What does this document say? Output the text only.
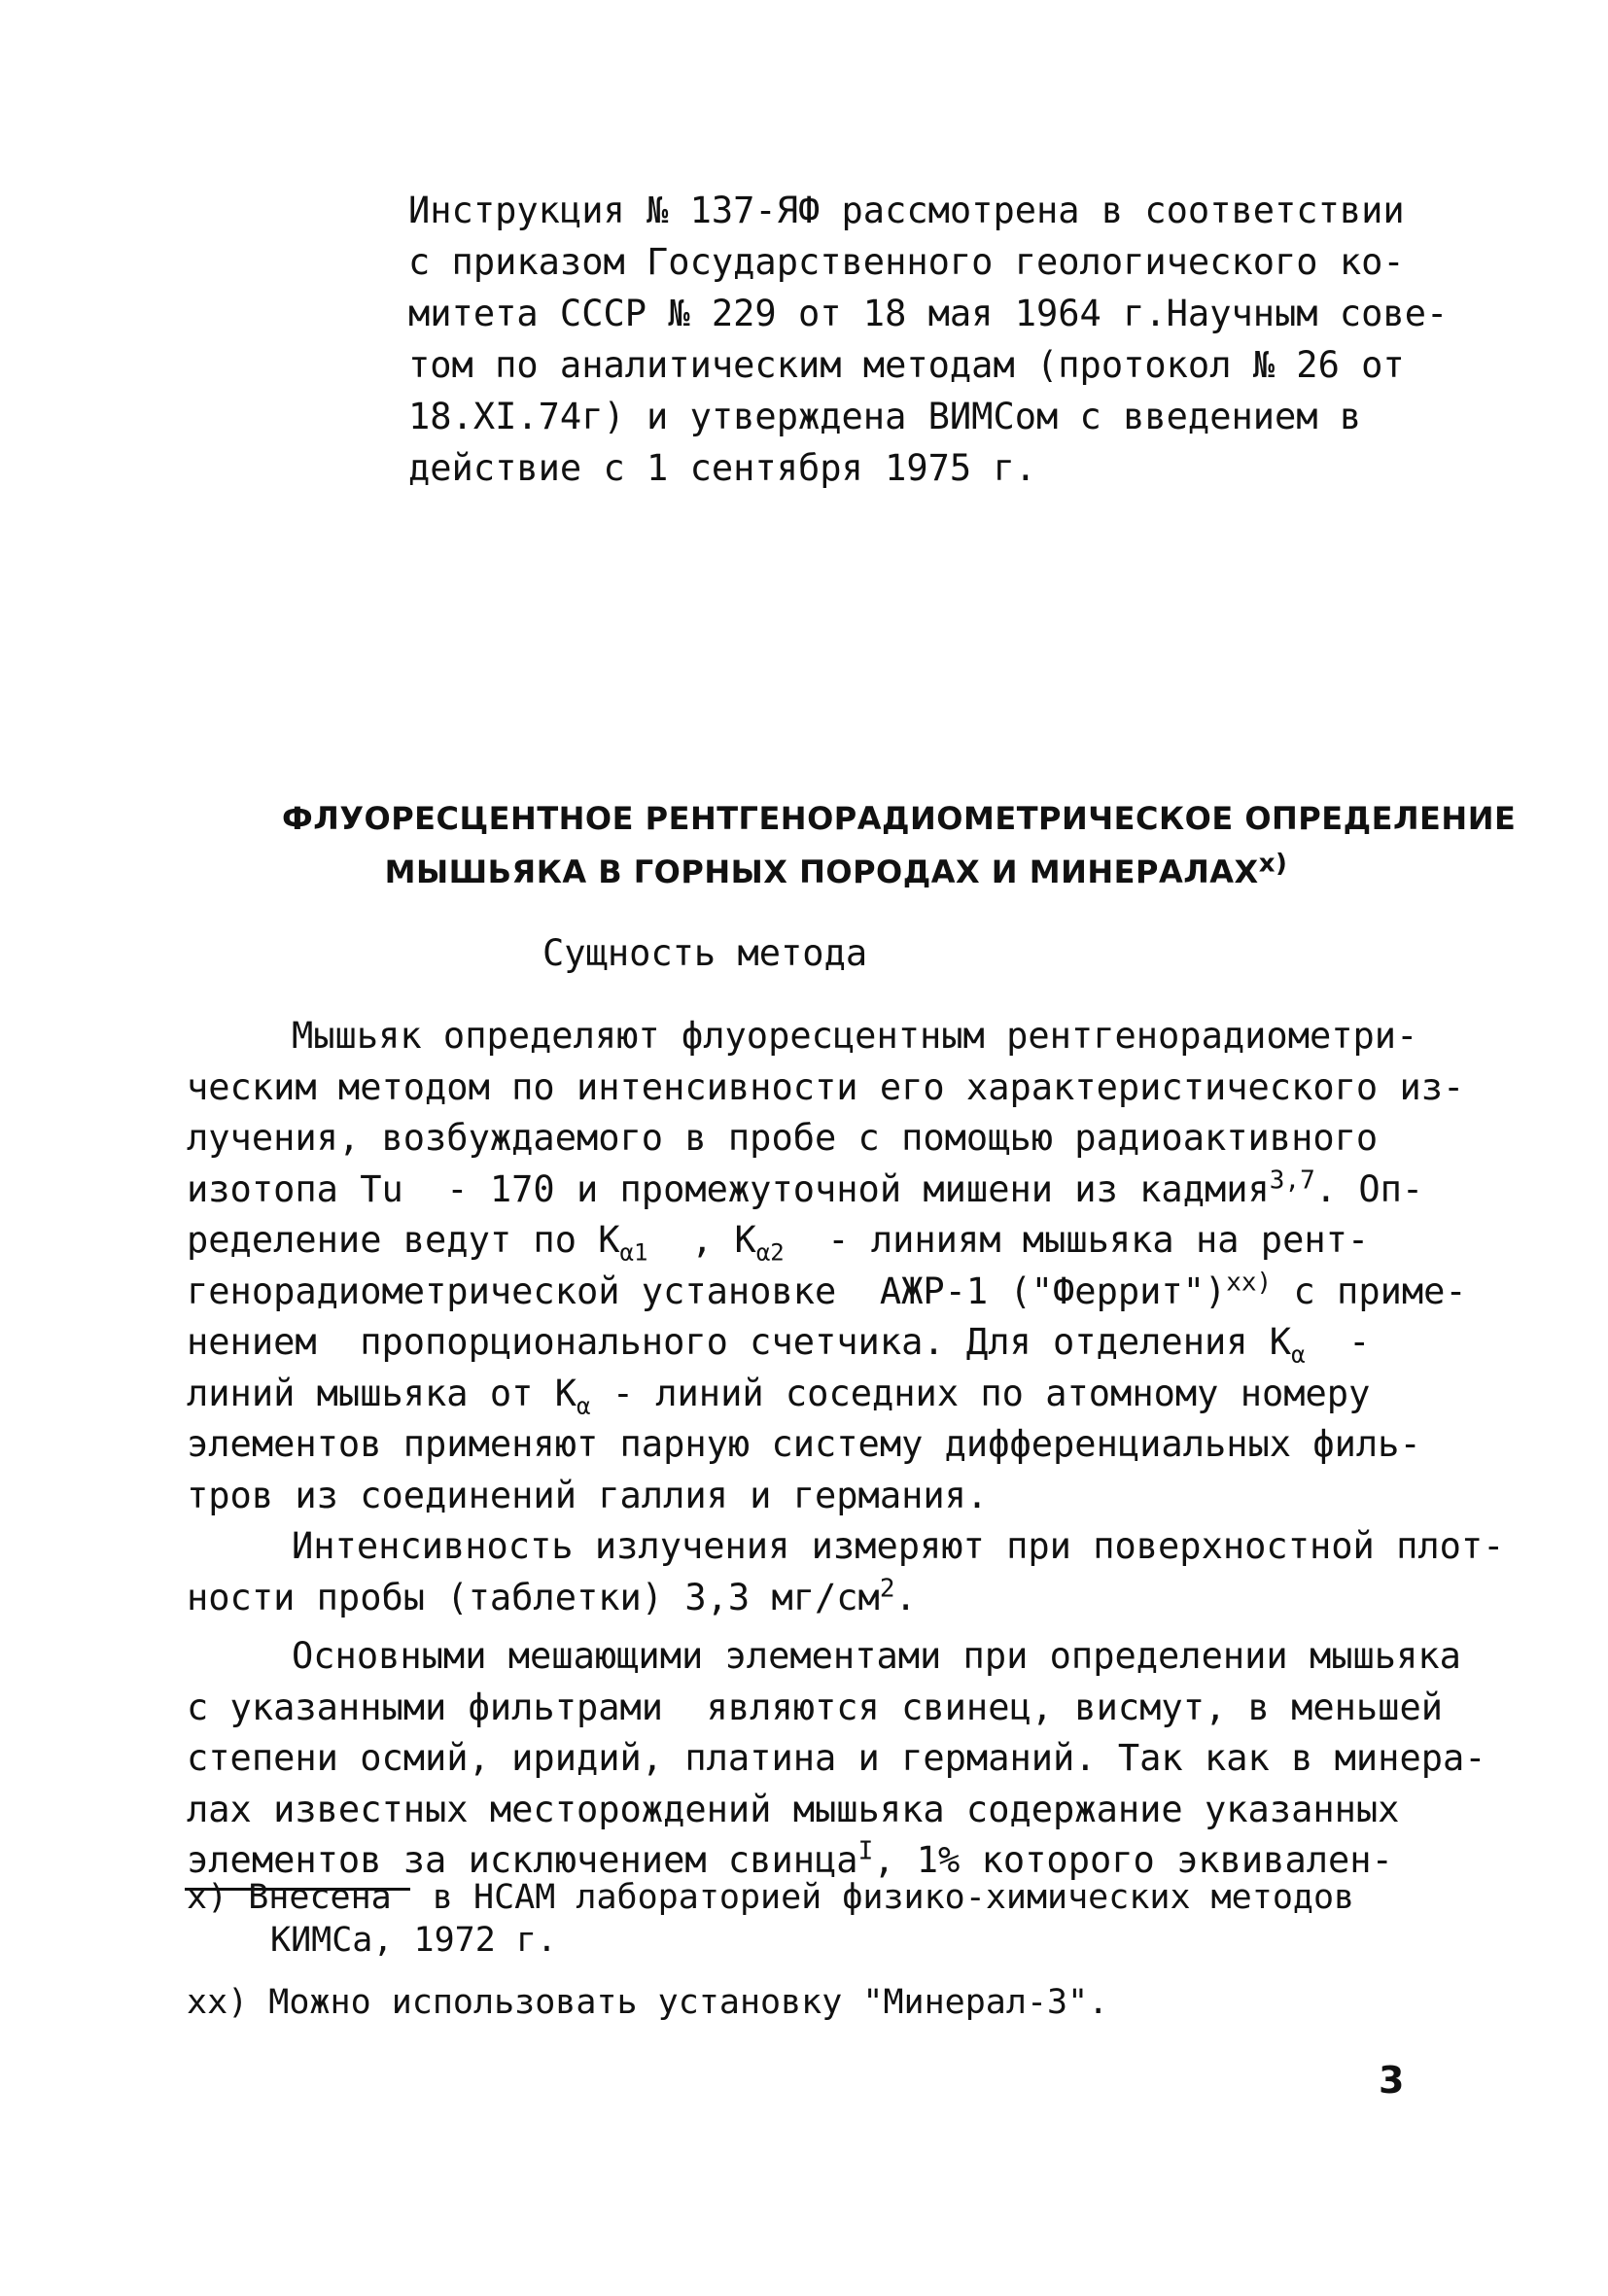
Инструкция № 137-ЯФ рассмотрена в соответствии
с приказом Государственного геологического ко-
митета СССР № 229 от 18 мая 1964 г.Научным сове-
том по аналитическим методам (протокол № 26 от
18.XI.74г) и утверждена ВИМСом с введением в
действие с 1 сентября 1975 г.
ФЛУОРЕСЦЕНТНОЕ РЕНТГЕНОРАДИОМЕТРИЧЕСКОЕ ОПРЕДЕЛЕНИЕ
МЫШЬЯКА В ГОРНЫХ ПОРОДАХ И МИНЕРАЛАХ$^{x)}$
Сущность метода
Мышьяк определяют флуоресцентным рентгенорадиометри-
ческим методом по интенсивности его характеристического из-
лучения, возбуждаемого в пробе с помощью радиоактивного
изотопа Tu  - 170 и промежуточной мишени из кадмия$^{3,7}$. Оп-
ределение ведут по $K_{\alpha 1}$  , $K_{\alpha 2}$  - линиям мышьяка на рент-
генорадиометрической установке  АЖР-1 ("Феррит")$^{xx)}$ с приме-
нением  пропорционального счетчика. Для отделения $K_\alpha$  -
линий мышьяка от $K_\alpha$ - линий соседних по атомному номеру
элементов применяют парную систему дифференциальных филь-
тров из соединений галлия и германия.
Интенсивность излучения измеряют при поверхностной плот-
ности пробы (таблетки) 3,3 $мг/см^2$.
Основными мешающими элементами при определении мышьяка
с указанными фильтрами  являются свинец, висмут, в меньшей
степени осмий, иридий, платина и германий. Так как в минера-
лах известных месторождений мышьяка содержание указанных
элементов за исключением свинца$^I$, 1% которого эквивален-
x) Внесена  в НСАМ лабораторией физико-химических методов
КИМСа, 1972 г.
xx) Можно использовать установку "Минерал-3".
3
